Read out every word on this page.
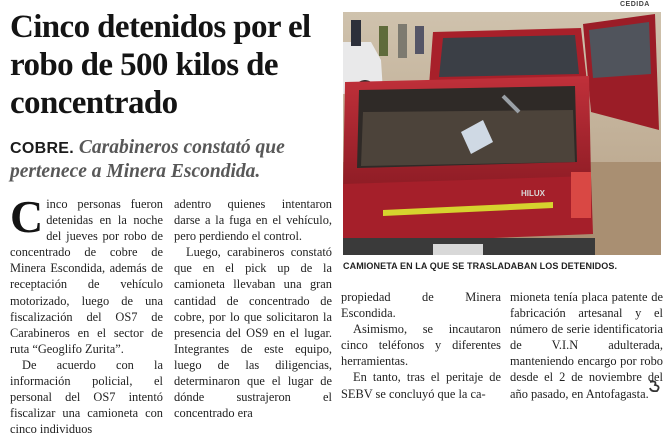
Cinco detenidos por el robo de 500 kilos de concentrado
COBRE. Carabineros constató que pertenece a Minera Escondida.

Cinco personas fueron detenidas en la noche del jueves por robo de concentrado de cobre de Minera Escondida, además de receptación de vehículo motorizado, luego de una fiscalización del OS7 de Carabineros en el sector de ruta “Geoglifo Zurita”.

De acuerdo con la información policial, el personal del OS7 intentó fiscalizar una camioneta con cinco individuos

adentro quienes intentaron darse a la fuga en el vehículo, pero perdiendo el control.

Luego, carabineros constató que en el pick up de la camioneta llevaban una gran cantidad de concentrado de cobre, por lo que solicitaron la presencia del OS9 en el lugar. Integrantes de este equipo, luego de las diligencias, determinaron que el lugar de dónde sustrajeron el concentrado era

propiedad de Minera Escondida.

Asimismo, se incautaron cinco teléfonos y diferentes herramientas.

En tanto, tras el peritaje de SEBV se concluyó que la ca-

mioneta tenía placa patente de fabricación artesanal y el número de serie identificatoria de V.I.N adulterada, manteniendo encargo por robo desde el 2 de noviembre del año pasado, en Antofagasta.

CEDIDA
HILUX
CAMIONETA EN LA QUE SE TRASLADABAN LOS DETENIDOS.
